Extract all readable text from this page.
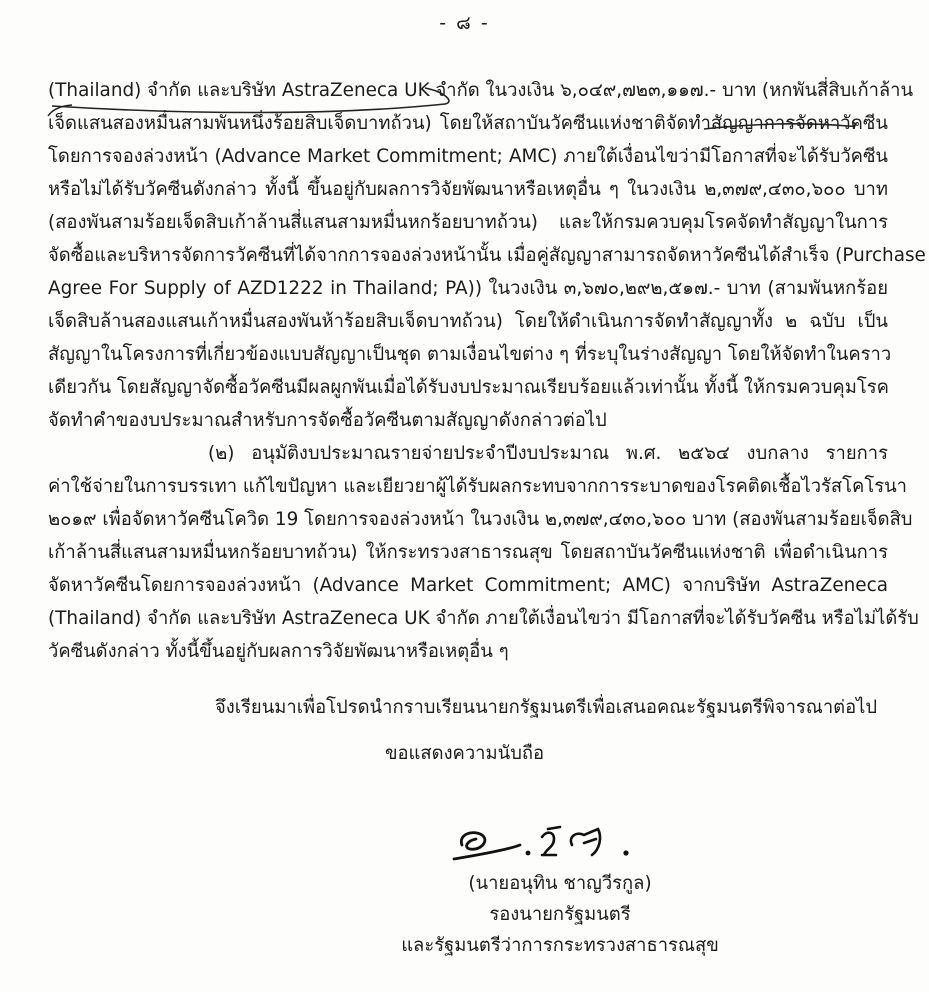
- ๘ -
(Thailand) จำกัด และบริษัท AstraZeneca UK จำกัด ในวงเงิน ๖,๐๔๙,๗๒๓,๑๑๗.- บาท (หกพันสี่สิบเก้าล้าน
เจ็ดแสนสองหมื่นสามพันหนึ่งร้อยสิบเจ็ดบาทถ้วน) โดยให้สถาบันวัคซีนแห่งชาติจัดทำสัญญาการจัดหาวัคซีน
โดยการจองล่วงหน้า (Advance Market Commitment; AMC) ภายใต้เงื่อนไขว่ามีโอกาสที่จะได้รับวัคซีน
หรือไม่ได้รับวัคซีนดังกล่าว ทั้งนี้ ขึ้นอยู่กับผลการวิจัยพัฒนาหรือเหตุอื่น ๆ ในวงเงิน ๒,๓๗๙,๔๓๐,๖๐๐ บาท
(สองพันสามร้อยเจ็ดสิบเก้าล้านสี่แสนสามหมื่นหกร้อยบาทถ้วน) และให้กรมควบคุมโรคจัดทำสัญญาในการ
จัดซื้อและบริหารจัดการวัคซีนที่ได้จากการจองล่วงหน้านั้น เมื่อคู่สัญญาสามารถจัดหาวัคซีนได้สำเร็จ (Purchase
Agree For Supply of AZD1222 in Thailand; PA)) ในวงเงิน ๓,๖๗๐,๒๙๒,๕๑๗.- บาท (สามพันหกร้อย
เจ็ดสิบล้านสองแสนเก้าหมื่นสองพันห้าร้อยสิบเจ็ดบาทถ้วน) โดยให้ดำเนินการจัดทำสัญญาทั้ง ๒ ฉบับ เป็น
สัญญาในโครงการที่เกี่ยวข้องแบบสัญญาเป็นชุด ตามเงื่อนไขต่าง ๆ ที่ระบุในร่างสัญญา โดยให้จัดทำในคราว
เดียวกัน โดยสัญญาจัดซื้อวัคซีนมีผลผูกพันเมื่อได้รับงบประมาณเรียบร้อยแล้วเท่านั้น ทั้งนี้ ให้กรมควบคุมโรค
จัดทำคำของบประมาณสำหรับการจัดซื้อวัคซีนตามสัญญาดังกล่าวต่อไป
(๒) อนุมัติงบประมาณรายจ่ายประจำปีงบประมาณ พ.ศ. ๒๕๖๔ งบกลาง รายการ
ค่าใช้จ่ายในการบรรเทา แก้ไขปัญหา และเยียวยาผู้ได้รับผลกระทบจากการระบาดของโรคติดเชื้อไวรัสโคโรนา
๒๐๑๙ เพื่อจัดหาวัคซีนโควิด 19 โดยการจองล่วงหน้า ในวงเงิน ๒,๓๗๙,๔๓๐,๖๐๐ บาท (สองพันสามร้อยเจ็ดสิบ
เก้าล้านสี่แสนสามหมื่นหกร้อยบาทถ้วน) ให้กระทรวงสาธารณสุข โดยสถาบันวัคซีนแห่งชาติ เพื่อดำเนินการ
จัดหาวัคซีนโดยการจองล่วงหน้า (Advance Market Commitment; AMC) จากบริษัท AstraZeneca
(Thailand) จำกัด และบริษัท AstraZeneca UK จำกัด ภายใต้เงื่อนไขว่า มีโอกาสที่จะได้รับวัคซีน หรือไม่ได้รับ
วัคซีนดังกล่าว ทั้งนี้ขึ้นอยู่กับผลการวิจัยพัฒนาหรือเหตุอื่น ๆ
จึงเรียนมาเพื่อโปรดนำกราบเรียนนายกรัฐมนตรีเพื่อเสนอคณะรัฐมนตรีพิจารณาต่อไป
ขอแสดงความนับถือ
(นายอนุทิน ชาญวีรกูล)
รองนายกรัฐมนตรี
และรัฐมนตรีว่าการกระทรวงสาธารณสุข
